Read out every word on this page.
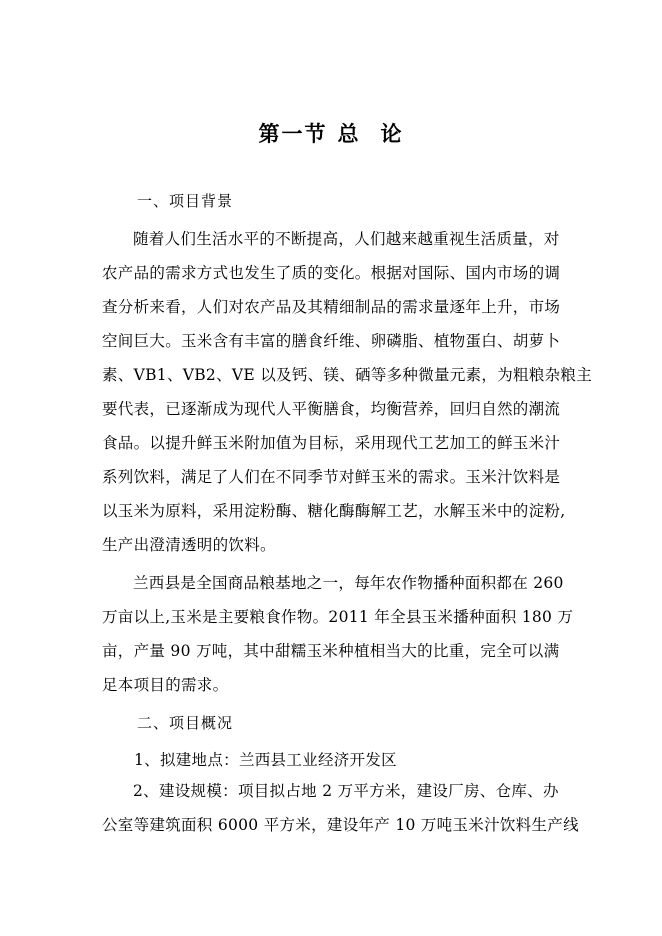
第一节 总 论
一、项目背景
随着人们生活水平的不断提高，人们越来越重视生活质量，对
农产品的需求方式也发生了质的变化。根据对国际、国内市场的调
查分析来看，人们对农产品及其精细制品的需求量逐年上升，市场
空间巨大。玉米含有丰富的膳食纤维、卵磷脂、植物蛋白、胡萝卜
素、VB1、VB2、VE 以及钙、镁、硒等多种微量元素，为粗粮杂粮主
要代表，已逐渐成为现代人平衡膳食，均衡营养，回归自然的潮流
食品。以提升鲜玉米附加值为目标，采用现代工艺加工的鲜玉米汁
系列饮料，满足了人们在不同季节对鲜玉米的需求。玉米汁饮料是
以玉米为原料，采用淀粉酶、糖化酶酶解工艺，水解玉米中的淀粉,
生产出澄清透明的饮料。
兰西县是全国商品粮基地之一，每年农作物播种面积都在 260
万亩以上,玉米是主要粮食作物。2011 年全县玉米播种面积 180 万
亩，产量 90 万吨，其中甜糯玉米种植相当大的比重，完全可以满
足本项目的需求。
二、项目概况
1、拟建地点：兰西县工业经济开发区
2、建设规模：项目拟占地 2 万平方米，建设厂房、仓库、办
公室等建筑面积 6000 平方米，建设年产 10 万吨玉米汁饮料生产线
